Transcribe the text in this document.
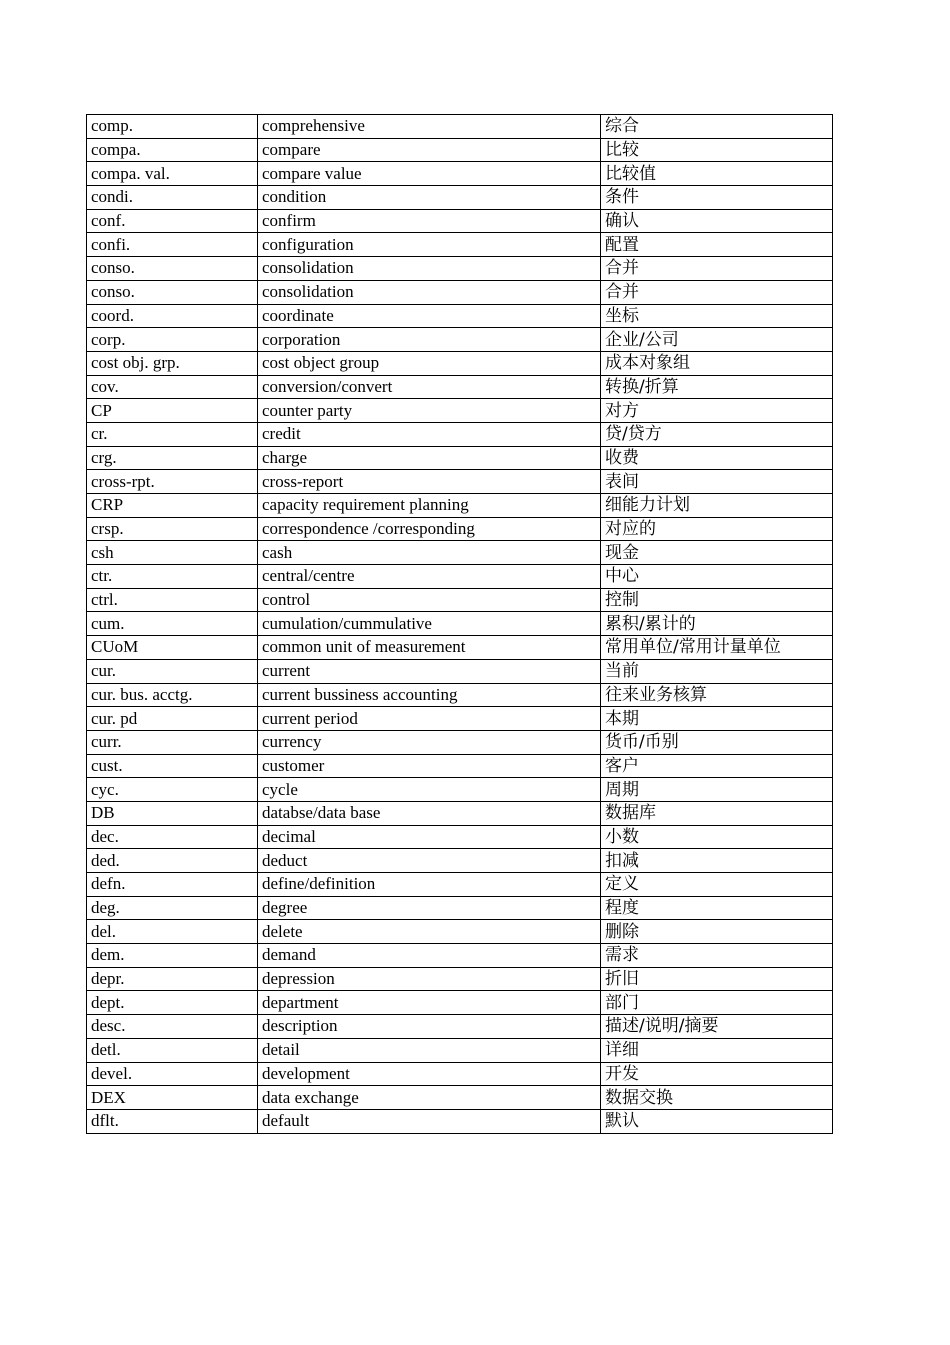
comp.	comprehensive	综合
compa.	compare	比较
compa. val.	compare value	比较值
condi.	condition	条件
conf.	confirm	确认
confi.	configuration	配置
conso.	consolidation	合并
conso.	consolidation	合并
coord.	coordinate	坐标
corp.	corporation	企业/公司
cost obj. grp.	cost object group	成本对象组
cov.	conversion/convert	转换/折算
CP	counter party	对方
cr.	credit	贷/贷方
crg.	charge	收费
cross-rpt.	cross-report	表间
CRP	capacity requirement planning	细能力计划
crsp.	correspondence /corresponding	对应的
csh	cash	现金
ctr.	central/centre	中心
ctrl.	control	控制
cum.	cumulation/cummulative	累积/累计的
CUoM	common unit of measurement	常用单位/常用计量单位
cur.	current	当前
cur. bus. acctg.	current bussiness accounting	往来业务核算
cur. pd	current period	本期
curr.	currency	货币/币别
cust.	customer	客户
cyc.	cycle	周期
DB	databse/data base	数据库
dec.	decimal	小数
ded.	deduct	扣减
defn.	define/definition	定义
deg.	degree	程度
del.	delete	删除
dem.	demand	需求
depr.	depression	折旧
dept.	department	部门
desc.	description	描述/说明/摘要
detl.	detail	详细
devel.	development	开发
DEX	data exchange	数据交换
dflt.	default	默认
